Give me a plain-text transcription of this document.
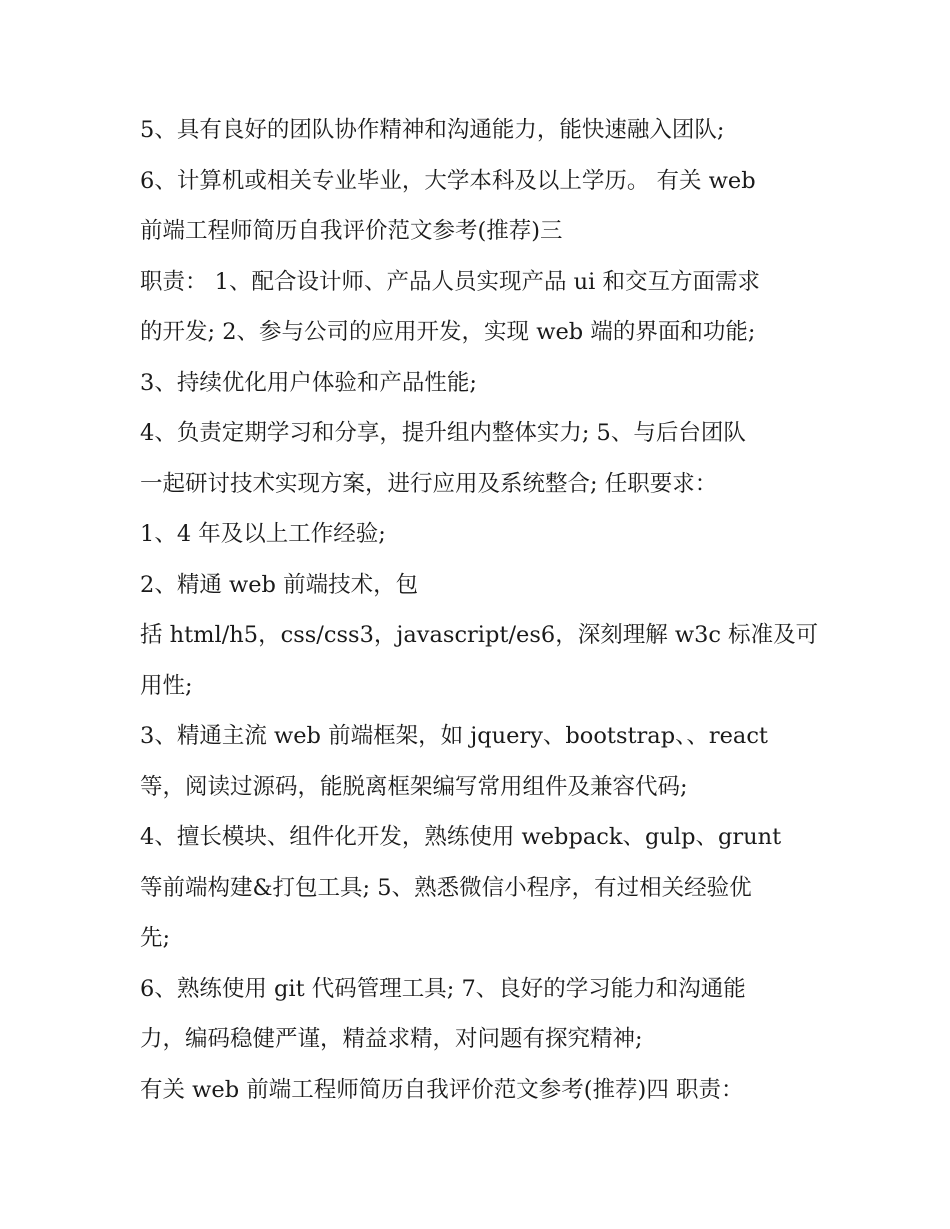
5、具有良好的团队协作精神和沟通能力，能快速融入团队;

6、计算机或相关专业毕业，大学本科及以上学历。 有关 web

前端工程师简历自我评价范文参考(推荐)三

职责： 1、配合设计师、产品人员实现产品 ui 和交互方面需求

的开发; 2、参与公司的应用开发，实现 web 端的界面和功能;

3、持续优化用户体验和产品性能;

4、负责定期学习和分享，提升组内整体实力; 5、与后台团队

一起研讨技术实现方案，进行应用及系统整合; 任职要求：

1、4 年及以上工作经验;

2、精通 web 前端技术，包

括 html/h5，css/css3，javascript/es6，深刻理解 w3c 标准及可

用性;

3、精通主流 web 前端框架，如 jquery、bootstrap、、react

等，阅读过源码，能脱离框架编写常用组件及兼容代码;

4、擅长模块、组件化开发，熟练使用 webpack、gulp、grunt

等前端构建&打包工具; 5、熟悉微信小程序，有过相关经验优

先;

6、熟练使用 git 代码管理工具; 7、良好的学习能力和沟通能

力，编码稳健严谨，精益求精，对问题有探究精神;

有关 web 前端工程师简历自我评价范文参考(推荐)四 职责：
